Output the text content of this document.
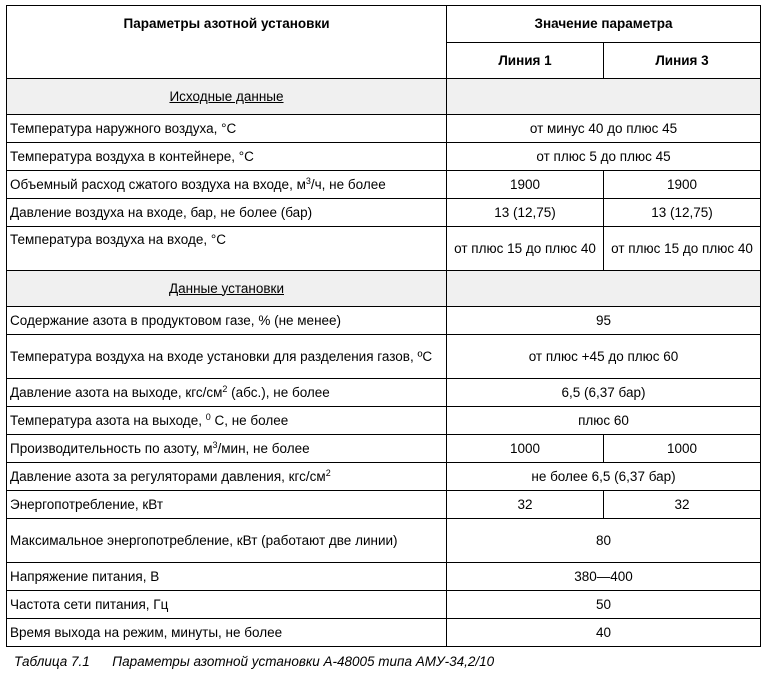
Параметры азотной установки	Значение параметра	
	Линия 1	Линия 3
Исходные данные		
Температура наружного воздуха, °С	от минус 40 до плюс 45	
Температура воздуха в контейнере, °С	от плюс 5 до плюс 45	
Объемный расход сжатого воздуха на входе, $м^3/ч$, не более	1900	1900
Давление воздуха на входе, бар, не более (бар)	13 (12,75)	13 (12,75)
Температура воздуха на входе, °С	от плюс 15 до плюс 40	от плюс 15 до плюс 40
Данные установки		
Содержание азота в продуктовом газе, % (не менее)	95	
Температура воздуха на входе установки для разделения газов, ºС	от плюс +45 до плюс 60	
Давление азота на выходе, кгс/$см^2$ (абс.), не более	6,5 (6,37 бар)	
Температура азота на выходе, $^0$ С, не более	плюс 60	
Производительность по азоту, $м^3$/мин, не более	1000	1000
Давление азота за регуляторами давления, кгс/$см^2$	не более 6,5 (6,37 бар)	
Энергопотребление, кВт	32	32
Максимальное энергопотребление, кВт (работают две линии)	80	
Напряжение питания, В	380—400	
Частота сети питания, Гц	50	
Время выхода на режим, минуты, не более	40	
Таблица 7.1 Параметры азотной установки А-48005 типа АМУ-34,2/10
